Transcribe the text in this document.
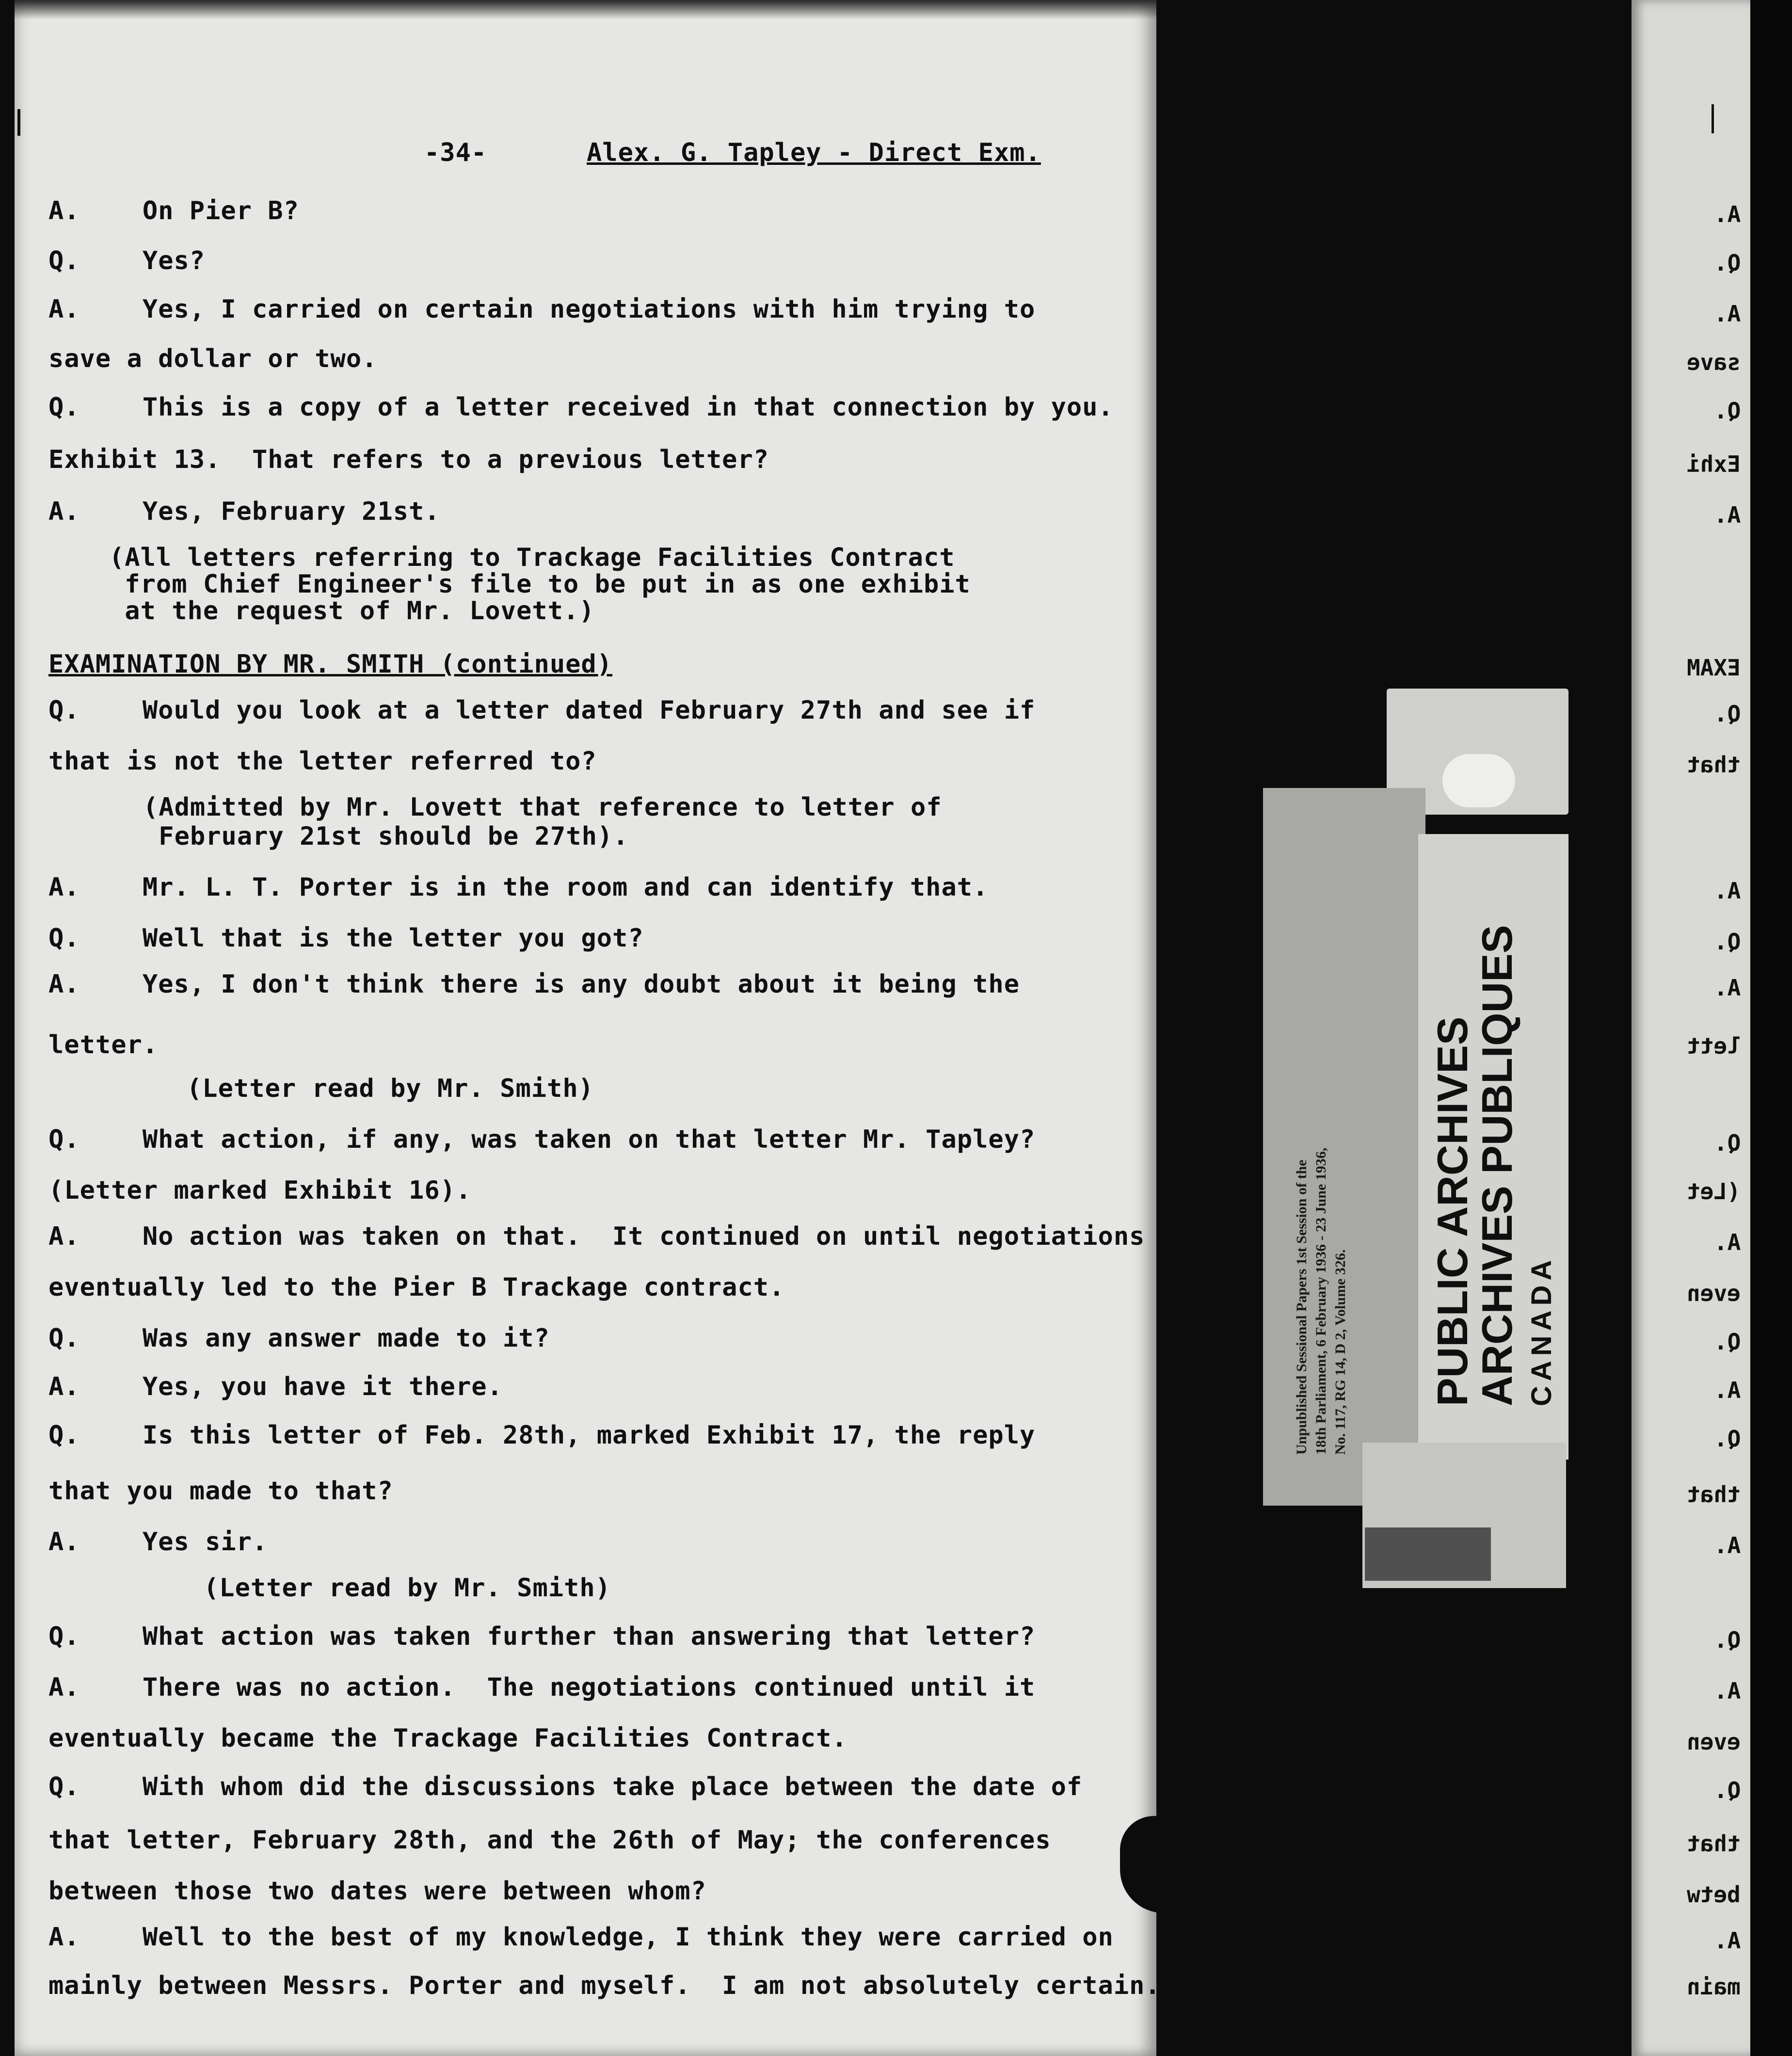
-34-	Alex. G. Tapley - Direct Exm.
A.    On Pier B?
Q.    Yes?
A.    Yes, I carried on certain negotiations with him trying to
save a dollar or two.
Q.    This is a copy of a letter received in that connection by you.
Exhibit 13.  That refers to a previous letter?
A.    Yes, February 21st.
(All letters referring to Trackage Facilities Contract
from Chief Engineer's file to be put in as one exhibit
at the request of Mr. Lovett.)
EXAMINATION BY MR. SMITH (continued)
Q.    Would you look at a letter dated February 27th and see if
that is not the letter referred to?
(Admitted by Mr. Lovett that reference to letter of
February 21st should be 27th).
A.    Mr. L. T. Porter is in the room and can identify that.
Q.    Well that is the letter you got?
A.    Yes, I don't think there is any doubt about it being the
letter.
(Letter read by Mr. Smith)
Q.    What action, if any, was taken on that letter Mr. Tapley?
(Letter marked Exhibit 16).
A.    No action was taken on that.  It continued on until negotiations
eventually led to the Pier B Trackage contract.
Q.    Was any answer made to it?
A.    Yes, you have it there.
Q.    Is this letter of Feb. 28th, marked Exhibit 17, the reply
that you made to that?
A.    Yes sir.
(Letter read by Mr. Smith)
Q.    What action was taken further than answering that letter?
A.    There was no action.  The negotiations continued until it
eventually became the Trackage Facilities Contract.
Q.    With whom did the discussions take place between the date of
that letter, February 28th, and the 26th of May; the conferences
between those two dates were between whom?
A.    Well to the best of my knowledge, I think they were carried on
mainly between Messrs. Porter and myself.  I am not absolutely certain.
A.
Q.
A.
save
Q.
Exhi
A.
EXAM
Q.
that
A.
Q.
A.
lett
Q.
(Let
A.
even
Q.
A.
Q.
that
A.
Q.
A.
even
Q.
that
betw
A.
main
Unpublished Sessional Papers 1st Session of the 18th Parliament, 6 February 1936 - 23 June 1936, No. 117, RG 14, D 2, Volume 326. PUBLIC ARCHIVES
ARCHIVES PUBLIQUES CANADA
